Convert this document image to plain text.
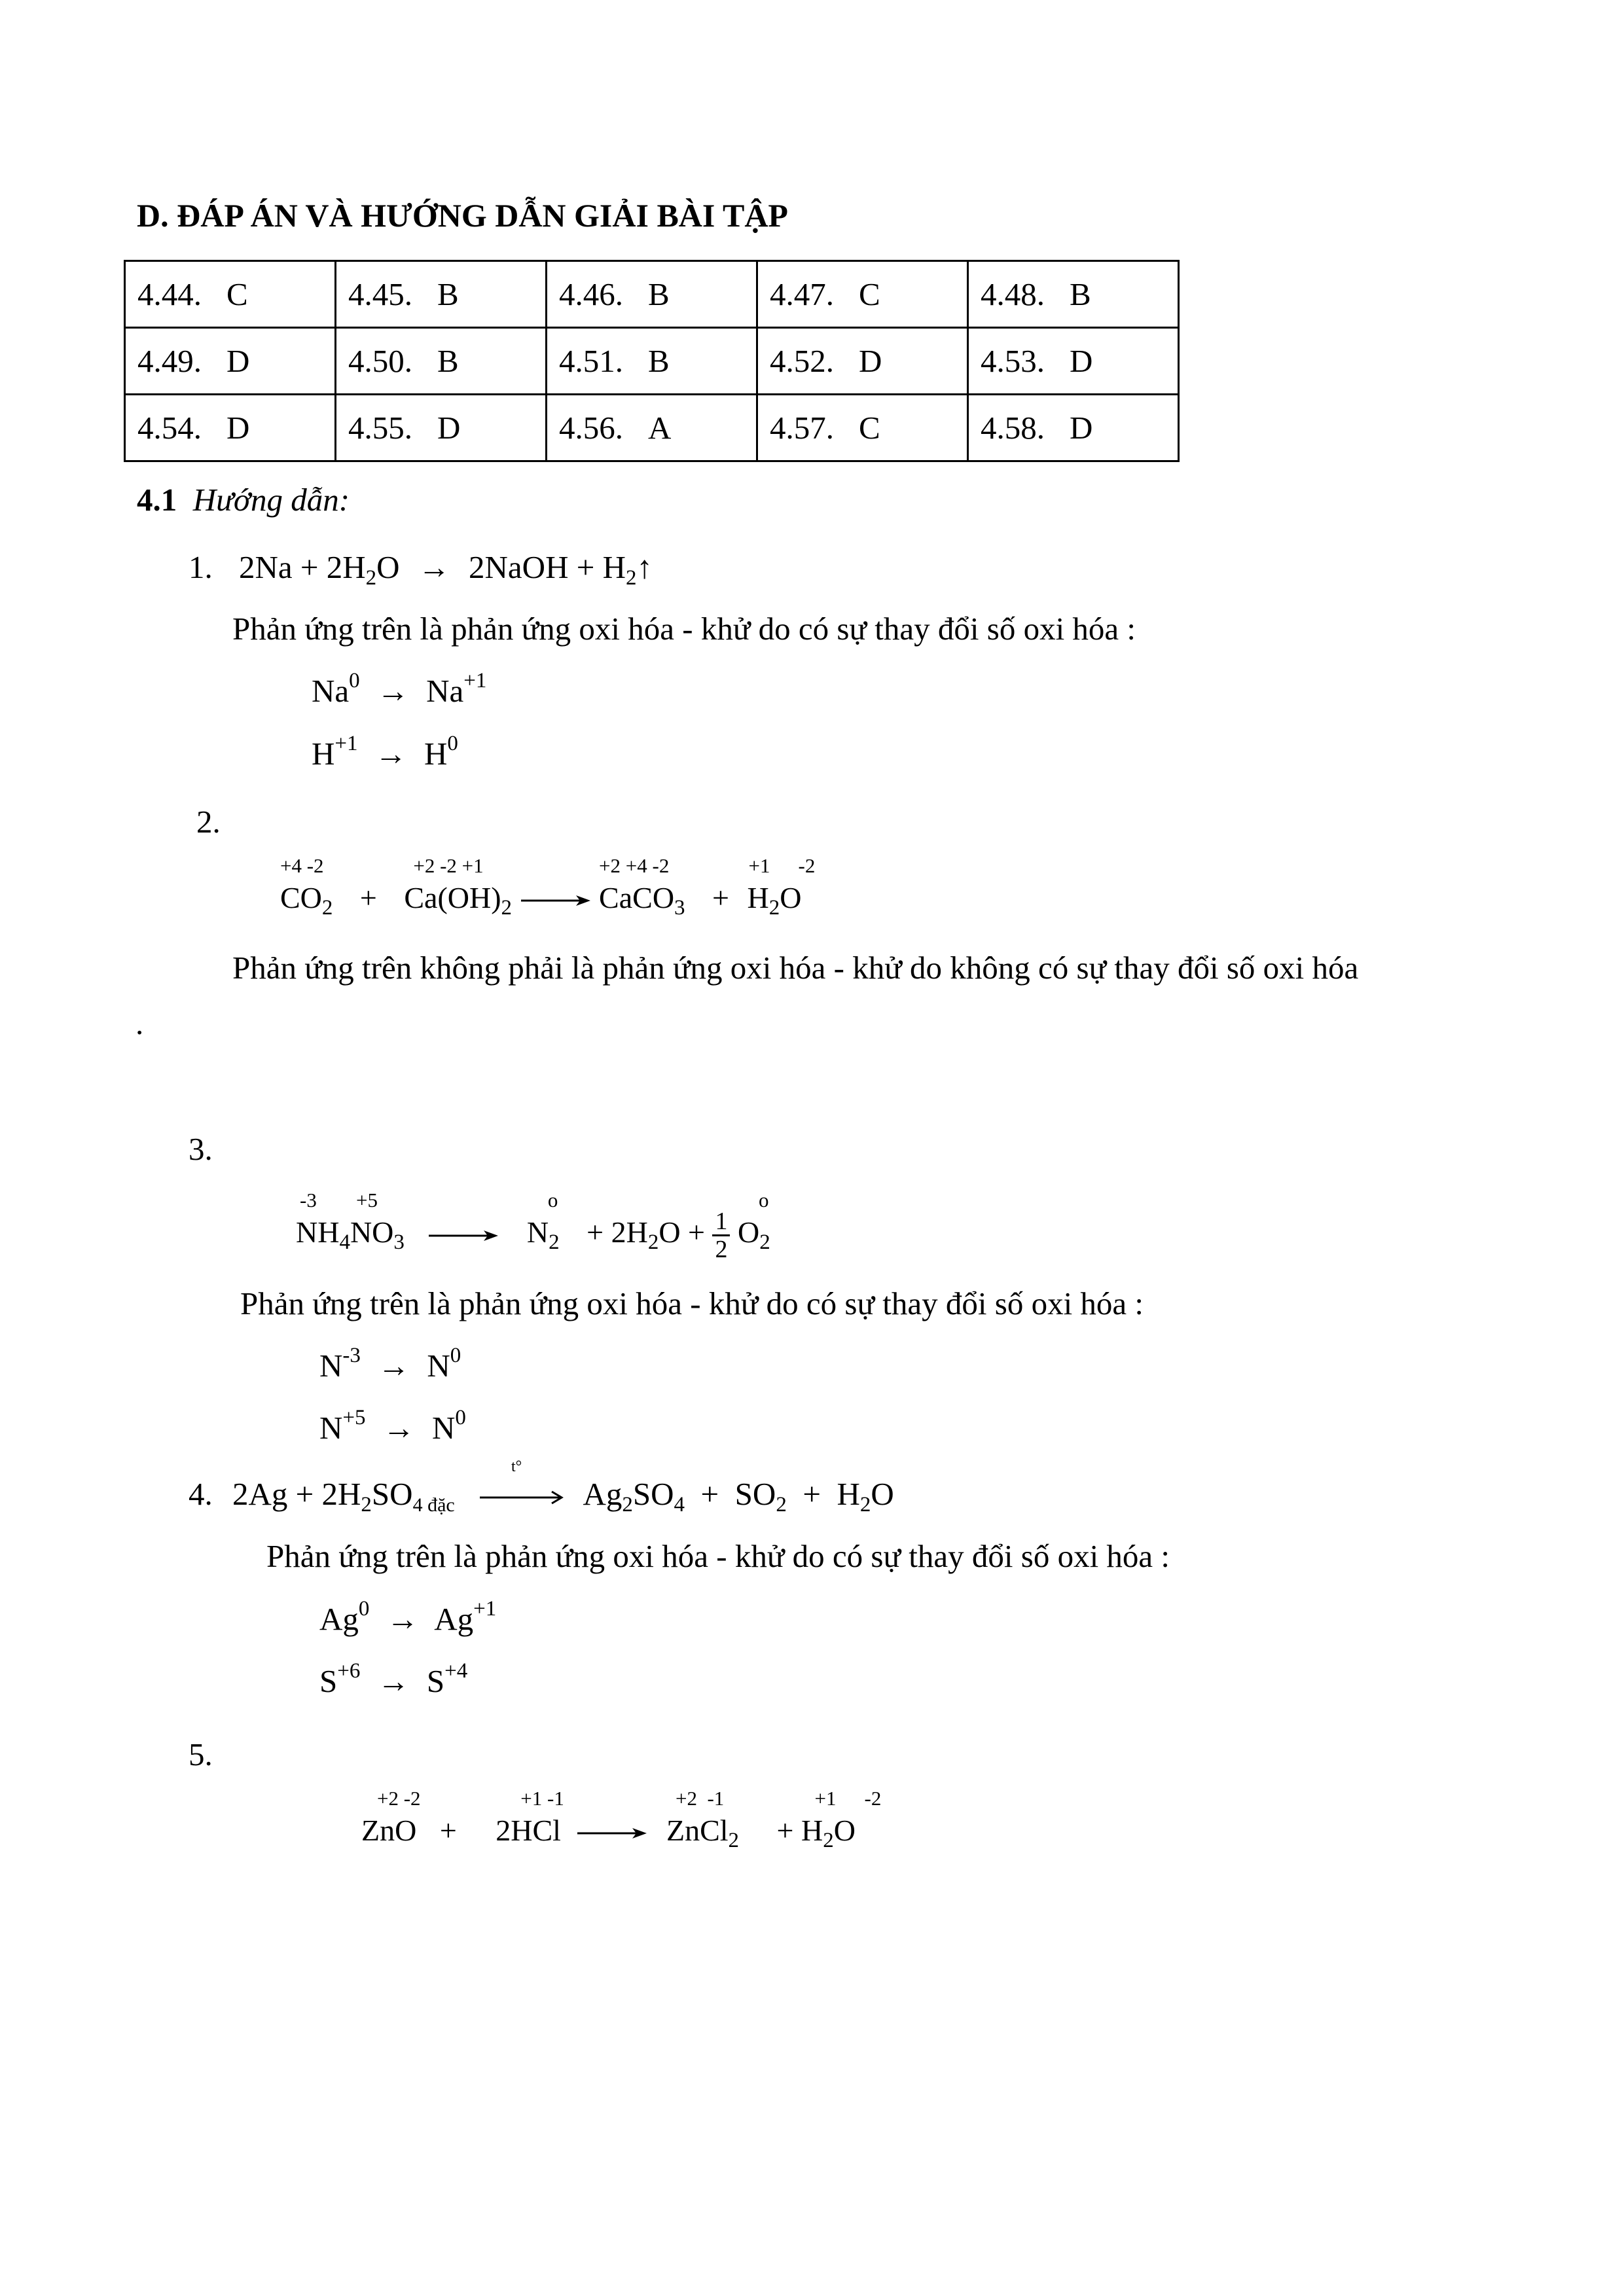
D. ĐÁP ÁN VÀ HƯỚNG DẪN GIẢI BÀI TẬP
4.44. C	4.45. B	4.46. B	4.47. C	4.48. B
4.49. D	4.50. B	4.51. B	4.52. D	4.53. D
4.54. D	4.55. D	4.56. A	4.57. C	4.58. D
4.1 Hướng dẫn:
1. $2Na + 2H_2O$ → 2NaOH + $H_2↑$
Phản ứng trên là phản ứng oxi hóa - khử do có sự thay đổi số oxi hóa :
$Na^0 \to Na^{+1}$
$H^{+1} \to H^0$
2.
+4 -2
$CO_2$ +
+2 -2 +1
$Ca(OH)_2$ →
+2 +4 -2
CaCO$_3$ +
+1 -2
$H_2O$
Phản ứng trên không phải là phản ứng oxi hóa - khử do không có sự thay đổi số oxi hóa
.
3.
-3 +5
$NH_4NO_3$ →
o
$N_2 + 2H_2O + \frac{1}{2}$

o
$O_2$
Phản ứng trên là phản ứng oxi hóa - khử do có sự thay đổi số oxi hóa :
$N^{-3} \to N^0$
$N^{+5} \to N^0$
4. $2Ag + 2H_2SO_{4 đặc}$
t°
$Ag_2SO_4 + SO_2 + H_2O$
Phản ứng trên là phản ứng oxi hóa - khử do có sự thay đổi số oxi hóa :
$Ag^0 \to Ag^{+1}$
$S^{+6} \to S^{+4}$
5.
+2 -2
ZnO +
+1 -1
2HCl →
+2  -1
ZnCl$_2$
+1 -2
+ $H_2O$
